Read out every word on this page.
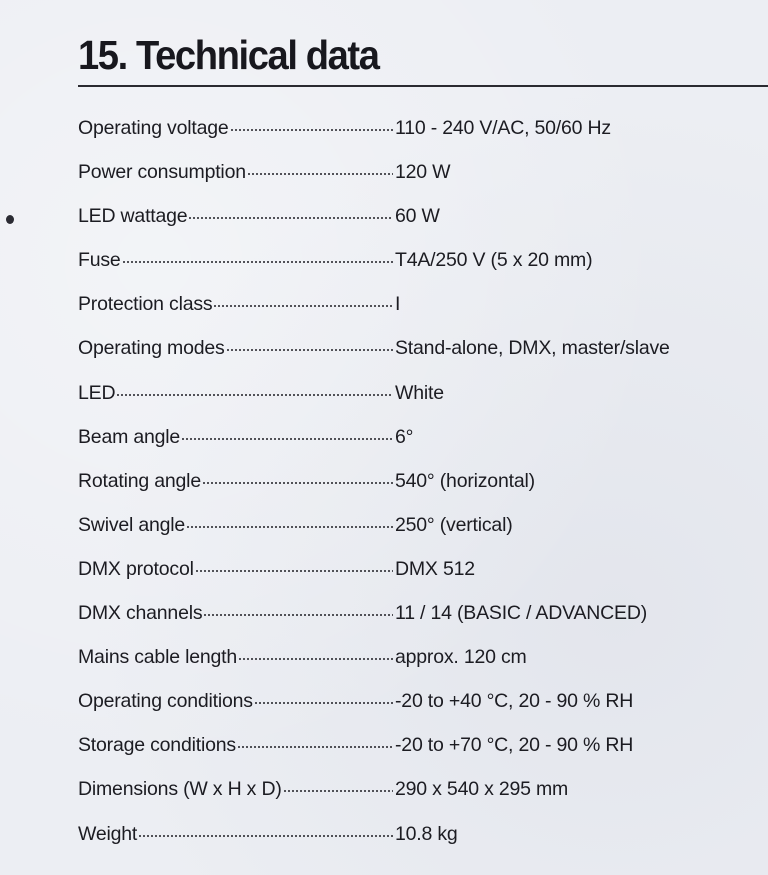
15. Technical data
Operating voltage	110 - 240 V/AC, 50/60 Hz
Power consumption	120 W
LED wattage	60 W
Fuse	T4A/250 V (5 x 20 mm)
Protection class	I
Operating modes	Stand-alone, DMX, master/slave
LED	White
Beam angle	6°
Rotating angle	540° (horizontal)
Swivel angle	250° (vertical)
DMX protocol	DMX 512
DMX channels	11 / 14 (BASIC / ADVANCED)
Mains cable length	approx. 120 cm
Operating conditions	-20 to +40 °C, 20 - 90 % RH
Storage conditions	-20 to +70 °C, 20 - 90 % RH
Dimensions (W x H x D)	290 x 540 x 295 mm
Weight	10.8 kg
